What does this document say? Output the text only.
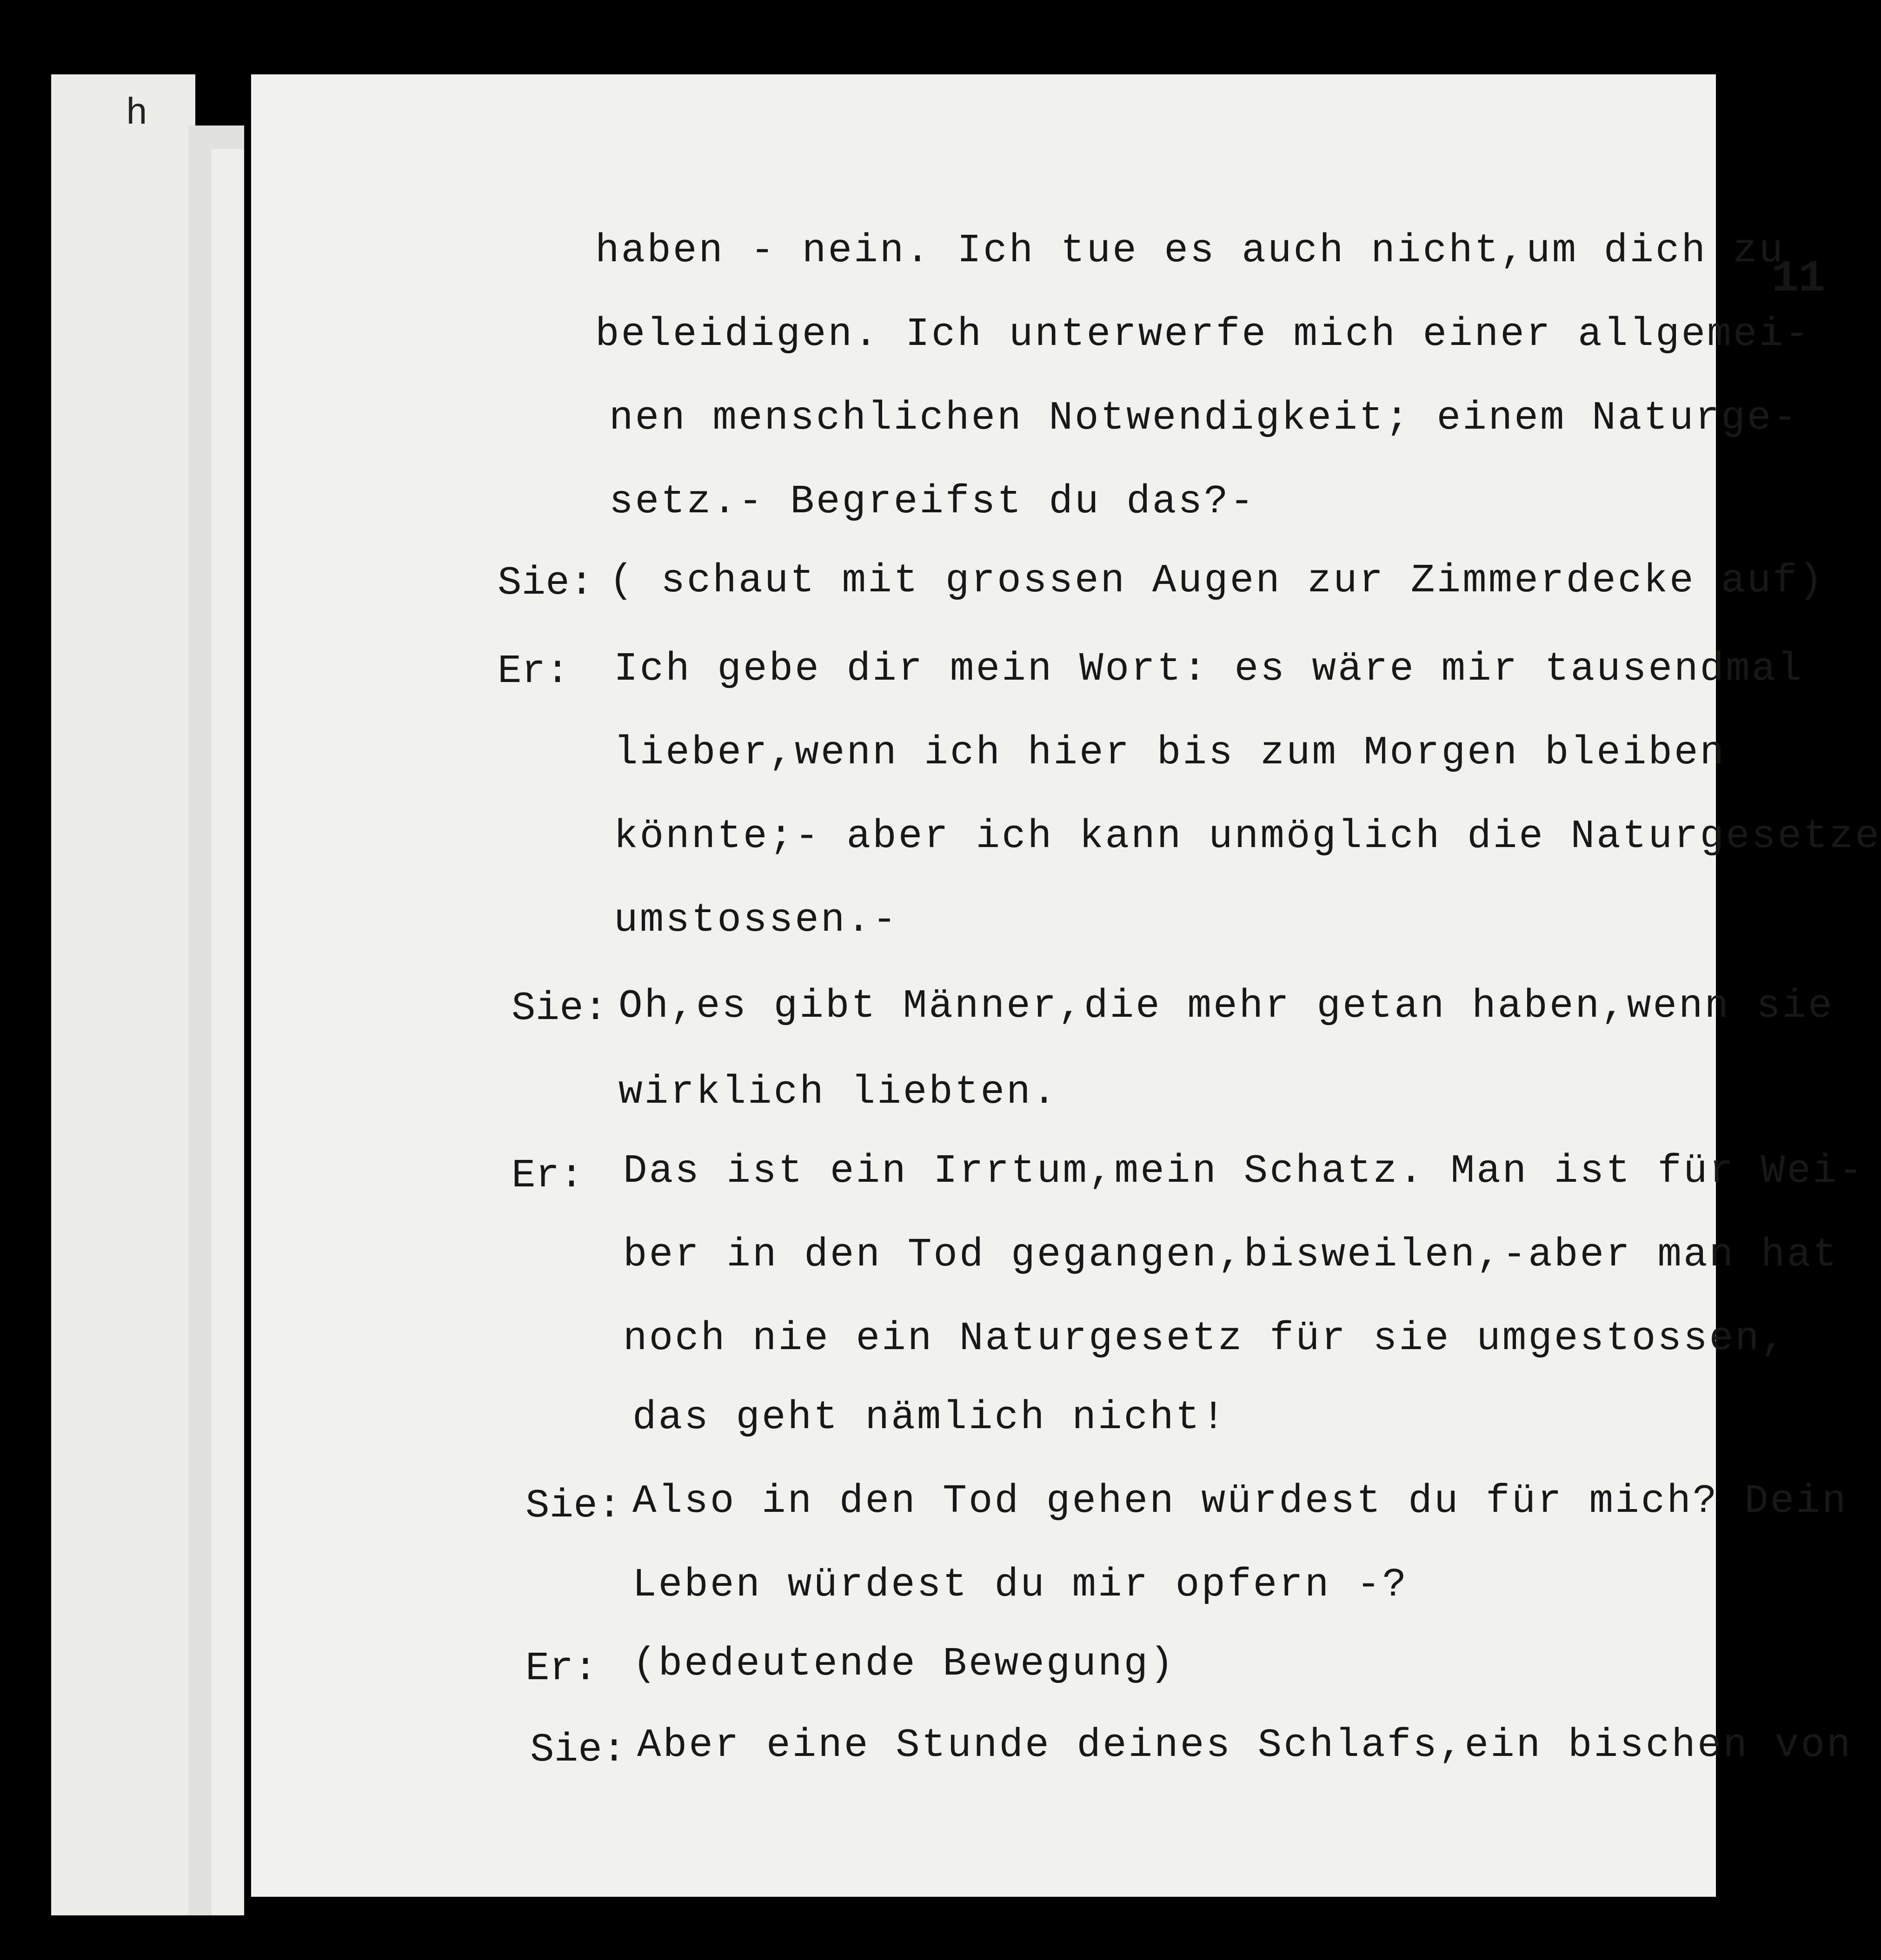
h
11
haben - nein. Ich tue es auch nicht,um dich zu
beleidigen. Ich unterwerfe mich einer allgemei-
nen menschlichen Notwendigkeit; einem Naturge-
setz.- Begreifst du das?-
Sie: ( schaut mit grossen Augen zur Zimmerdecke auf)
Er: Ich gebe dir mein Wort: es wäre mir tausendmal
lieber,wenn ich hier bis zum Morgen bleiben
könnte;- aber ich kann unmöglich die Naturgesetze
umstossen.-
Sie: Oh,es gibt Männer,die mehr getan haben,wenn sie
wirklich liebten.
Er: Das ist ein Irrtum,mein Schatz. Man ist für Wei-
ber in den Tod gegangen,bisweilen,-aber man hat
noch nie ein Naturgesetz für sie umgestossen,
das geht nämlich nicht!
Sie: Also in den Tod gehen würdest du für mich? Dein
Leben würdest du mir opfern -?
Er: (bedeutende Bewegung)
Sie: Aber eine Stunde deines Schlafs,ein bischen von
